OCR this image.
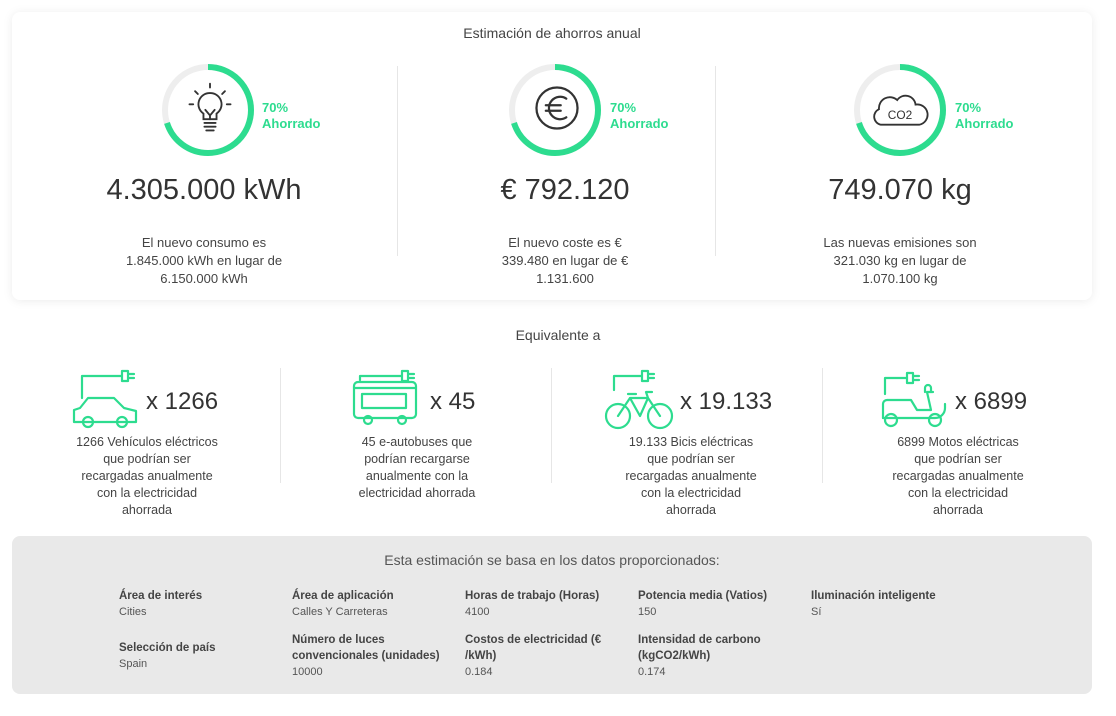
Estimación de ahorros anual
70%
Ahorrado
4.305.000 kWh
El nuevo consumo es
1.845.000 kWh en lugar de
6.150.000 kWh
70%
Ahorrado
€ 792.120
El nuevo coste es €
339.480 en lugar de €
1.131.600
CO2
70%
Ahorrado
749.070 kg
Las nuevas emisiones son
321.030 kg en lugar de
1.070.100 kg
Equivalente a
x 1266
1266 Vehículos eléctricos
que podrían ser
recargadas anualmente
con la electricidad
ahorrada
x 45
45 e-autobuses que
podrían recargarse
anualmente con la
electricidad ahorrada
x 19.133
19.133 Bicis eléctricas
que podrían ser
recargadas anualmente
con la electricidad
ahorrada
x 6899
6899 Motos eléctricas
que podrían ser
recargadas anualmente
con la electricidad
ahorrada
Esta estimación se basa en los datos proporcionados:
Área de interés
Cities
Área de aplicación
Calles Y Carreteras
Horas de trabajo (Horas)
4100
Potencia media (Vatios)
150
Iluminación inteligente
Sí
Selección de país
Spain
Número de luces
convencionales (unidades)
10000
Costos de electricidad (€
/kWh)
0.184
Intensidad de carbono
(kgCO2/kWh)
0.174
